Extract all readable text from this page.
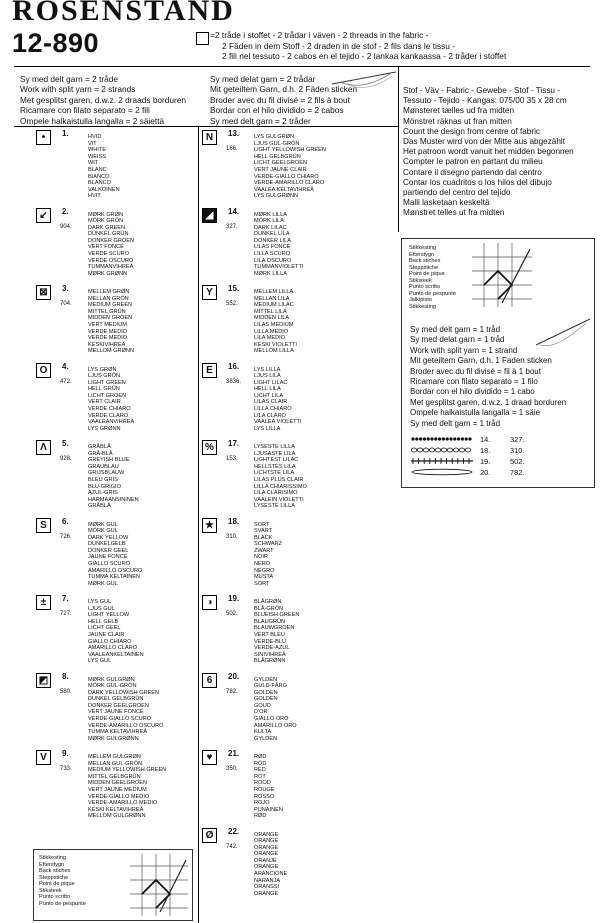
ROSENSTAND
12-890	=2 tråde i stoffet - 2 trådar i väven - 2 threads in the fabric -
2 Fäden in dem Stoff - 2 draden in de stof - 2 fils dans le tissu -
2 fili nel tessuto - 2 cabos en el tejido - 2 lankaa kankaassa - 2 tråder i stoffet
Sy med delt garn = 2 tråde
Work with split yarn = 2 strands
Met gesplitst garen, d.w.z. 2 draads borduren
Ricamare con filato separato = 2 fili
Ompele halkaistulla langalla = 2 säiettä
Sy med delat garn = 2 trådar
Mit geteiltem Garn, d.h. 2 Fäden sticken
Broder avec du fil divisé = 2 fils à bout
Bordar con el hilo dividido = 2 cabos
Sy med delt garn = 2 tråder
Stof - Väv - Fabric - Gewebe - Stof - Tissu -
Tessuto - Tejido - Kangas: 075/00 35 x 28 cm
Mønsteret tælles ud fra midten
Mönstret räknas ut fran mitten
Count the design from centre of fabric
Das Muster wird von der Mitte aus abgezählt
Het patroon wordt vanuit het midden begonnen
Compter le patron en partant du milieu
Contare il disegno partendo dal centro
Contar los cuadritos o los hilos del dibujo
partiendo del centro del tejido
Malli lasketaan keskeltä
Mønstret telles ut fra midten
•	1.	HVID
VIT
WHITE
WEISS
WIT
BLANC
BIANCO
BLANCO
VALKOINEN
HVIT
↙	2.
904.
MØRK GRØN
MÖRK GRÖN
DARK GREEN
DUNKEL GRÜN
DONKER GROEN
VERT FONCÉ
VERDE SCURO
VERDE OSCURO
TUMMANVIHREÄ
MØRK GRØNN
⊠	3.
704.
MELLEM GRØN
MELLAN GRÖN
MEDIUM GREEN
MITTEL GRÜN
MIDDEN GROEN
VERT MEDIUM
VERDE MEDIO
VERDE MEDIO
KESKIVIHREÄ
MELLOM GRØNN
O	4.
472.
LYS GRØN
LJUS GRÖN
LIGHT GREEN
HELL GRÜN
LICHT GROEN
VERT CLAIR
VERDE CHIARO
VERDE CLARO
VAALEANVIHREÄ
LYS GRØNN
Λ	5.
928.
GRÅBLÅ
GRÅ-BLÅ
GREYISH BLUE
GRAUBLAU
GRIJSBLAUW
BLEU GRIS
BLU-GRIGIO
AZUL-GRIS
HARMAANSININEN
GRÅBLÅ
S	6.
726.
MØRK GUL
MÖRK GUL
DARK YELLOW
DUNKELGELB
DONKER GEEL
JAUNE FONCÉ
GIALLO SCURO
AMARILLO OSCURO
TUMMA KELTAINEN
MØRK GUL
±	7.
727.
LYS GUL
LJUS GUL
LIGHT YELLOW
HELL GELB
LICHT GEEL
JAUNE CLAIR
GIALLO CHIARO
AMARILLO CLARO
VAALEANKELTAINEN
LYS GUL
◩	8.
580.
MØRK GULGRØN
MÖRK GUL-GRÖN
DARK YELLOWISH GREEN
DUNKEL GELBGRÜN
DONKER GEELGROEN
VERT JAUNE FONCÉ
VERDE-GIALLO SCURO
VERDE-AMARILLO OSCURO
TUMMA KELTAVIHREÄ
MØRK GULGRØNN
V	9.
733.
MELLEM GULGRØN
MELLAN GUL-GRÖN
MEDIUM YELLOWISH GREEN
MITTEL GELBGRÜN
MIDDEN GEELGROEN
VERT JAUNE MEDIUM
VERDE-GIALLO MEDIO
VERDE-AMARILLO MEDIO
KESKI KELTAVIHREÄ
MELLOM GULGRØNN
N	13.
166.
LYS GULGRØN
LJUS GUL-GRÖN
LIGHT YELLOWISH GREEN
HELL GELBGRÜN
LICHT GEELGROEN
VERT JAUNE CLAIR
VERDE-GIALLO CHIARO
VERDE-AMARILLO CLARO
VAALEA KELTAVIHREÄ
LYS GULGRØNN
◢	14.
327.
MØRK LILLA
MÖRK LILA
DARK LILAC
DUNKEL LILA
DONKER LILA
LILAS FONCÉ
LILLA SCURO
LILA OSCURO
TUMMANVIOLETTI
MØRK LILLA
Y	15.
552.
MELLEM LILLA
MELLAN LILA
MEDIUM LILAC
MITTEL LILA
MIDDEN LILA
LILAS MEDIUM
LILLA MEDIO
LILA MEDIO
KESKI VIOLETTI
MELLOM LILLA
E	16.
3836.
LYS LILLA
LJUS LILA
LIGHT LILAC
HELL LILA
LICHT LILA
LILAS CLAIR
LILLA CHIARO
LILA CLARO
VAALEA VIOLETTI
LYS LILLA
%	17.
153.
LYSESTE LILLA
LJUSASTE LILA
LIGHTEST LILAC
HELLSTES LILA
LICHTSTE LILA
LILAS PLUS CLAIR
LILLA CHIARISSIMO
LILA CLARISIMO
VAALEIN VIOLETTI
LYSESTE LILLA
★	18.
310.
SORT
SVART
BLACK
SCHWARZ
ZWART
NOIR
NERO
NEGRO
MUSTA
SORT
◑	19.
502.
BLÅGRØN
BLÅ-GRÖN
BLUEISH GREEN
BLAUGRÜN
BLAUWGROEN
VERT BLEU
VERDE-BLU
VERDE-AZUL
SINIVIHREÄ
BLÅGRØNN
6	20.
782.
GYLDEN
GULD-FÄRG
GOLDEN
GOLDEN
GOUD
D'OR
GIALLO ORO
AMARILLO ORO
KULTA
GYLDEN
♥	21.
350.
RØD
RÖD
RED
ROT
ROOD
ROUGE
ROSSO
ROJO
PUNAINEN
RØD
Ø	22.
742.
ORANGE
ORANGE
ORANGE
ORANGE
ORANJE
ORANGE
ARANCIONE
NARANJA
ORANSSI
ORANGE
Stikkesting
Efterstygn
Back stiches
Steppstiche
Point de pique
Stiksteek
Punto scritto
Punto de pespunte
Stikkesting
Efterstygn
Back stiches
Steppstiche
Point de pique
Stiksteek
Punto scritto
Punto de pespunte
Jälkipisto
Stikkesting
Sy med delt garn = 1 tråd
Sy med delat garn = 1 tråd
Work with split yarn = 1 strand
Mit geteiltem Garn, d.h. 1 Faden sticken
Broder avec du fil divisé = fil à 1 bout
Ricamare con filato separato = 1 filo
Bordar con el hilo dividido = 1 cabo
Met gesplitst garen, d.w.z. 1 draad borduren
Ompele halkaistulla langalla = 1 säie
Sy med delt garn = 1 tråd
14.	327.
18.	310.
19.	502.
20.	782.
